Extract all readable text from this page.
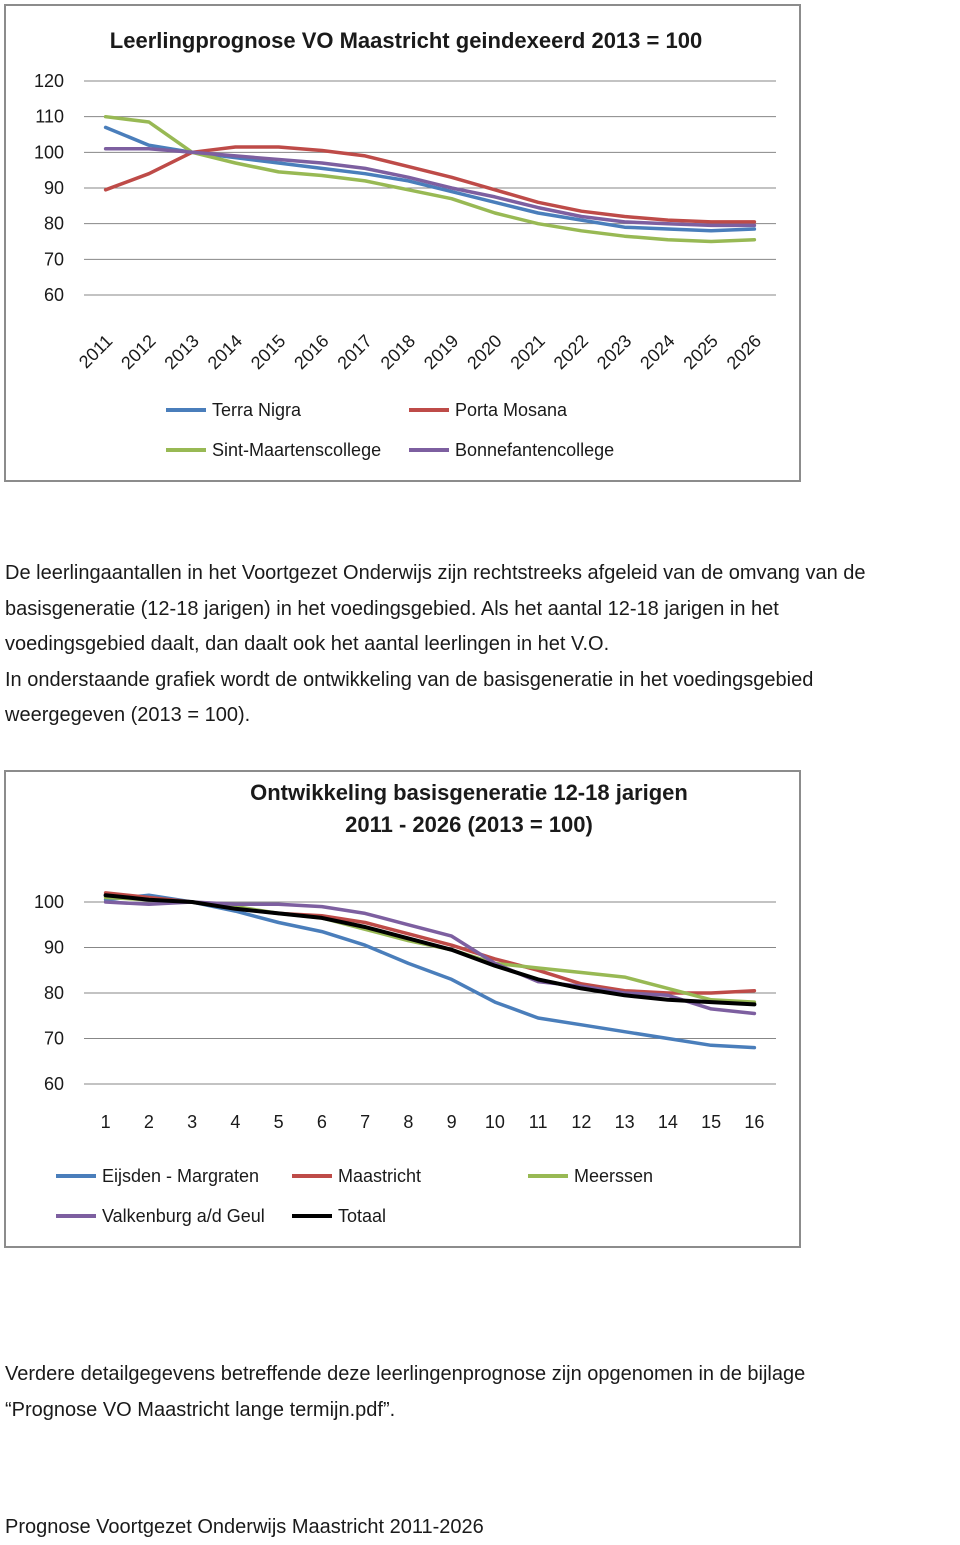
Leerlingprognose VO Maastricht geindexeerd 2013 = 100
60
70
80
90
100
110
120
2011 2012 2013 2014 2015 2016 2017 2018 2019 2020 2021 2022 2023 2024 2025 2026
Terra Nigra	Porta Mosana
Sint-Maartenscollege	Bonnefantencollege
De leerlingaantallen in het Voortgezet Onderwijs zijn rechtstreeks afgeleid van de omvang van de
basisgeneratie (12-18 jarigen) in het voedingsgebied. Als het aantal 12-18 jarigen in het
voedingsgebied daalt, dan daalt ook het aantal leerlingen in het V.O.
In onderstaande grafiek wordt de ontwikkeling van de basisgeneratie in het voedingsgebied
weergegeven (2013 = 100).
Ontwikkeling basisgeneratie 12-18 jarigen
2011 - 2026 (2013 = 100)
60
70
80
90
100
1 2 3 4 5 6 7 8 9 10 11 12 13 14 15 16
Eijsden - Margraten	Maastricht	Meerssen
Valkenburg a/d Geul	Totaal
Verdere detailgegevens betreffende deze leerlingenprognose zijn opgenomen in de bijlage
“Prognose VO Maastricht lange termijn.pdf”.
Prognose Voortgezet Onderwijs Maastricht 2011-2026
